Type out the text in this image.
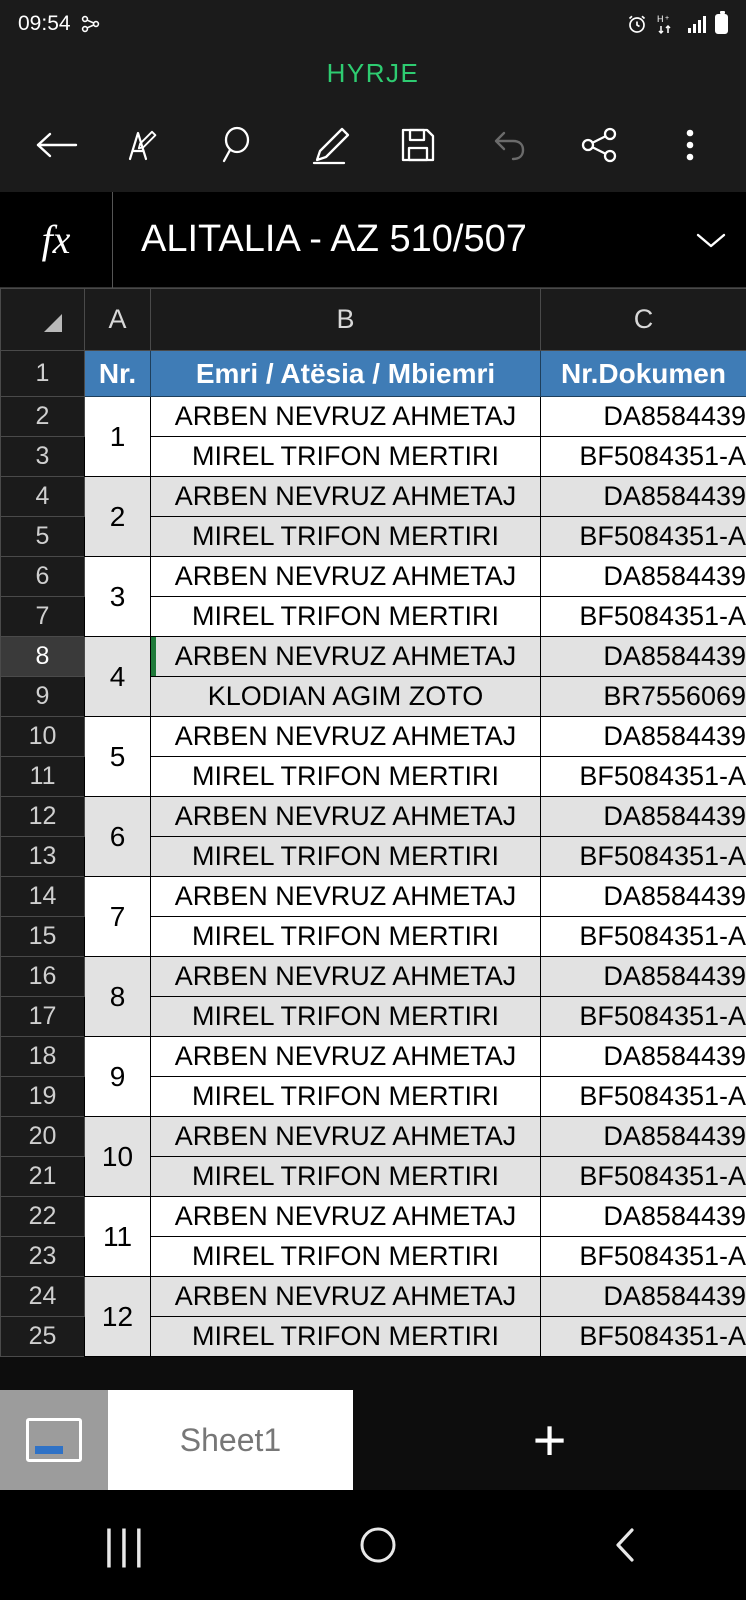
09:54	H +
HYRJE
fx	ALITALIA - AZ 510/507
	A	B	C
1	Nr.	Emri / Atësia / Mbiemri	Nr.Dokumen
2	1	ARBEN NEVRUZ AHMETAJ	DA8584439
3		MIREL TRIFON MERTIRI	BF5084351-A
4	2	ARBEN NEVRUZ AHMETAJ	DA8584439
5		MIREL TRIFON MERTIRI	BF5084351-A
6	3	ARBEN NEVRUZ AHMETAJ	DA8584439
7		MIREL TRIFON MERTIRI	BF5084351-A
8	4	ARBEN NEVRUZ AHMETAJ	DA8584439
9		KLODIAN AGIM ZOTO	BR7556069
10	5	ARBEN NEVRUZ AHMETAJ	DA8584439
11		MIREL TRIFON MERTIRI	BF5084351-A
12	6	ARBEN NEVRUZ AHMETAJ	DA8584439
13		MIREL TRIFON MERTIRI	BF5084351-A
14	7	ARBEN NEVRUZ AHMETAJ	DA8584439
15		MIREL TRIFON MERTIRI	BF5084351-A
16	8	ARBEN NEVRUZ AHMETAJ	DA8584439
17		MIREL TRIFON MERTIRI	BF5084351-A
18	9	ARBEN NEVRUZ AHMETAJ	DA8584439
19		MIREL TRIFON MERTIRI	BF5084351-A
20	10	ARBEN NEVRUZ AHMETAJ	DA8584439
21		MIREL TRIFON MERTIRI	BF5084351-A
22	11	ARBEN NEVRUZ AHMETAJ	DA8584439
23		MIREL TRIFON MERTIRI	BF5084351-A
24	12	ARBEN NEVRUZ AHMETAJ	DA8584439
25		MIREL TRIFON MERTIRI	BF5084351-A
Sheet1	+
|||
